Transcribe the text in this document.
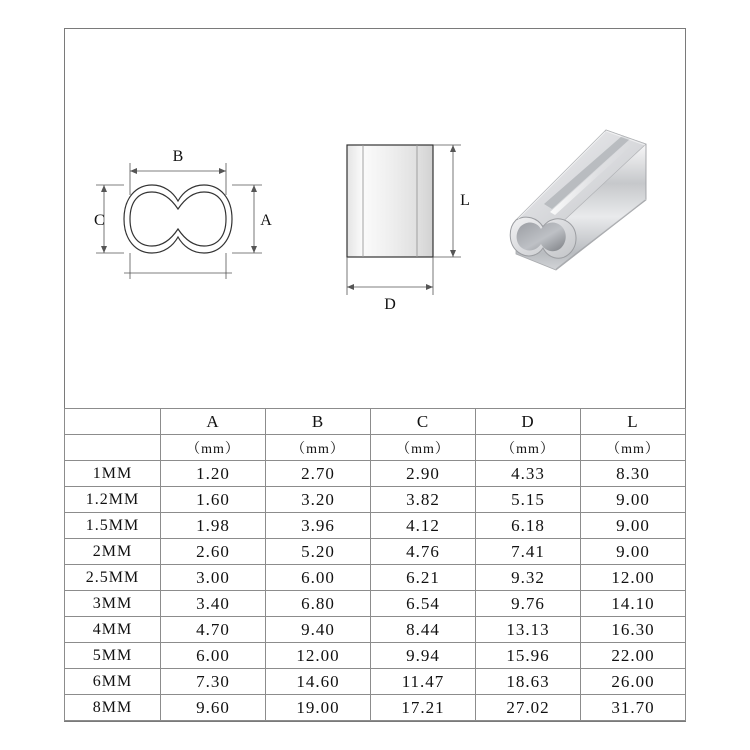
B
A
C
L
D
	A	B	C	D	L
	（mm）	（mm）	（mm）	（mm）	（mm）
1MM	1.20	2.70	2.90	4.33	8.30
1.2MM	1.60	3.20	3.82	5.15	9.00
1.5MM	1.98	3.96	4.12	6.18	9.00
2MM	2.60	5.20	4.76	7.41	9.00
2.5MM	3.00	6.00	6.21	9.32	12.00
3MM	3.40	6.80	6.54	9.76	14.10
4MM	4.70	9.40	8.44	13.13	16.30
5MM	6.00	12.00	9.94	15.96	22.00
6MM	7.30	14.60	11.47	18.63	26.00
8MM	9.60	19.00	17.21	27.02	31.70
